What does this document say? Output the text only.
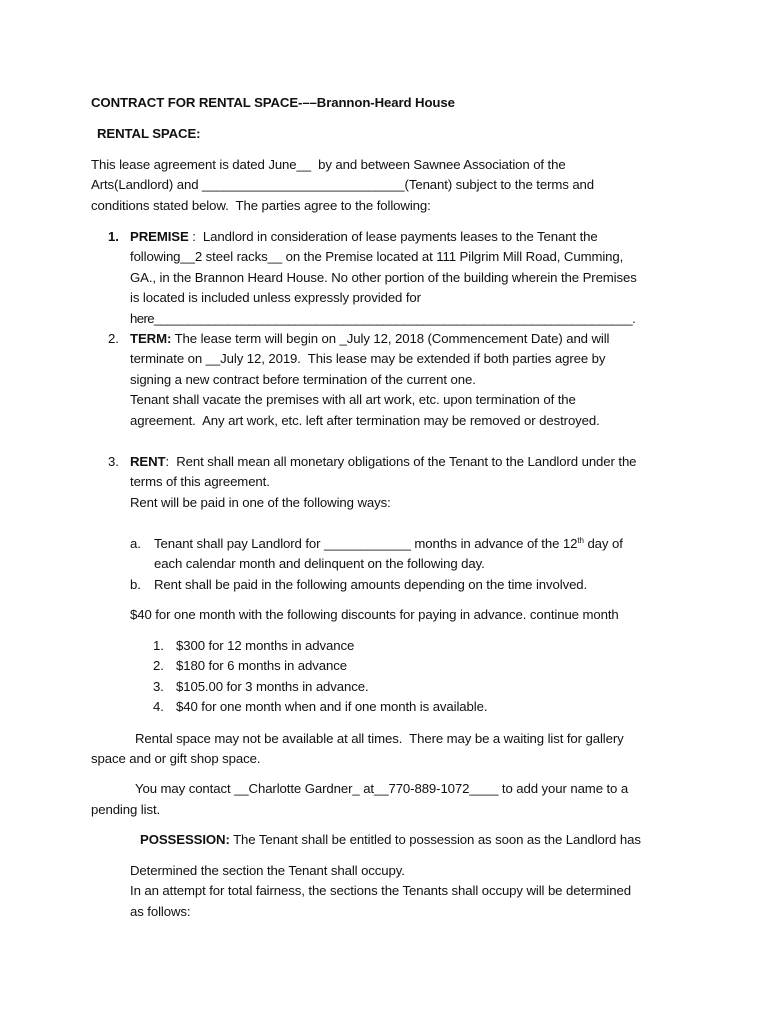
CONTRACT FOR RENTAL SPACE-––Brannon-Heard House
RENTAL SPACE:
This lease agreement is dated June__  by and between Sawnee Association of the
Arts(Landlord) and ____________________________(Tenant) subject to the terms and
conditions stated below.  The parties agree to the following:
1. PREMISE :  Landlord in consideration of lease payments leases to the Tenant the
following__2 steel racks__ on the Premise located at 111 Pilgrim Mill Road, Cumming,
GA., in the Brannon Heard House. No other portion of the building wherein the Premises
is located is included unless expressly provided for
here_______________________________________________________________________.
2. TERM: The lease term will begin on _July 12, 2018 (Commencement Date) and will
terminate on __July 12, 2019.  This lease may be extended if both parties agree by
signing a new contract before termination of the current one.
Tenant shall vacate the premises with all art work, etc. upon termination of the
agreement.  Any art work, etc. left after termination may be removed or destroyed.
3. RENT:  Rent shall mean all monetary obligations of the Tenant to the Landlord under the
terms of this agreement.
Rent will be paid in one of the following ways:
a. Tenant shall pay Landlord for ____________ months in advance of the 12th day of
each calendar month and delinquent on the following day.
b. Rent shall be paid in the following amounts depending on the time involved.
$40 for one month with the following discounts for paying in advance. continue month
1. $300 for 12 months in advance
2. $180 for 6 months in advance
3. $105.00 for 3 months in advance.
4. $40 for one month when and if one month is available.
Rental space may not be available at all times.  There may be a waiting list for gallery
space and or gift shop space.
You may contact __Charlotte Gardner_ at__770-889-1072____ to add your name to a
pending list.
POSSESSION: The Tenant shall be entitled to possession as soon as the Landlord has
Determined the section the Tenant shall occupy.
In an attempt for total fairness, the sections the Tenants shall occupy will be determined
as follows:
